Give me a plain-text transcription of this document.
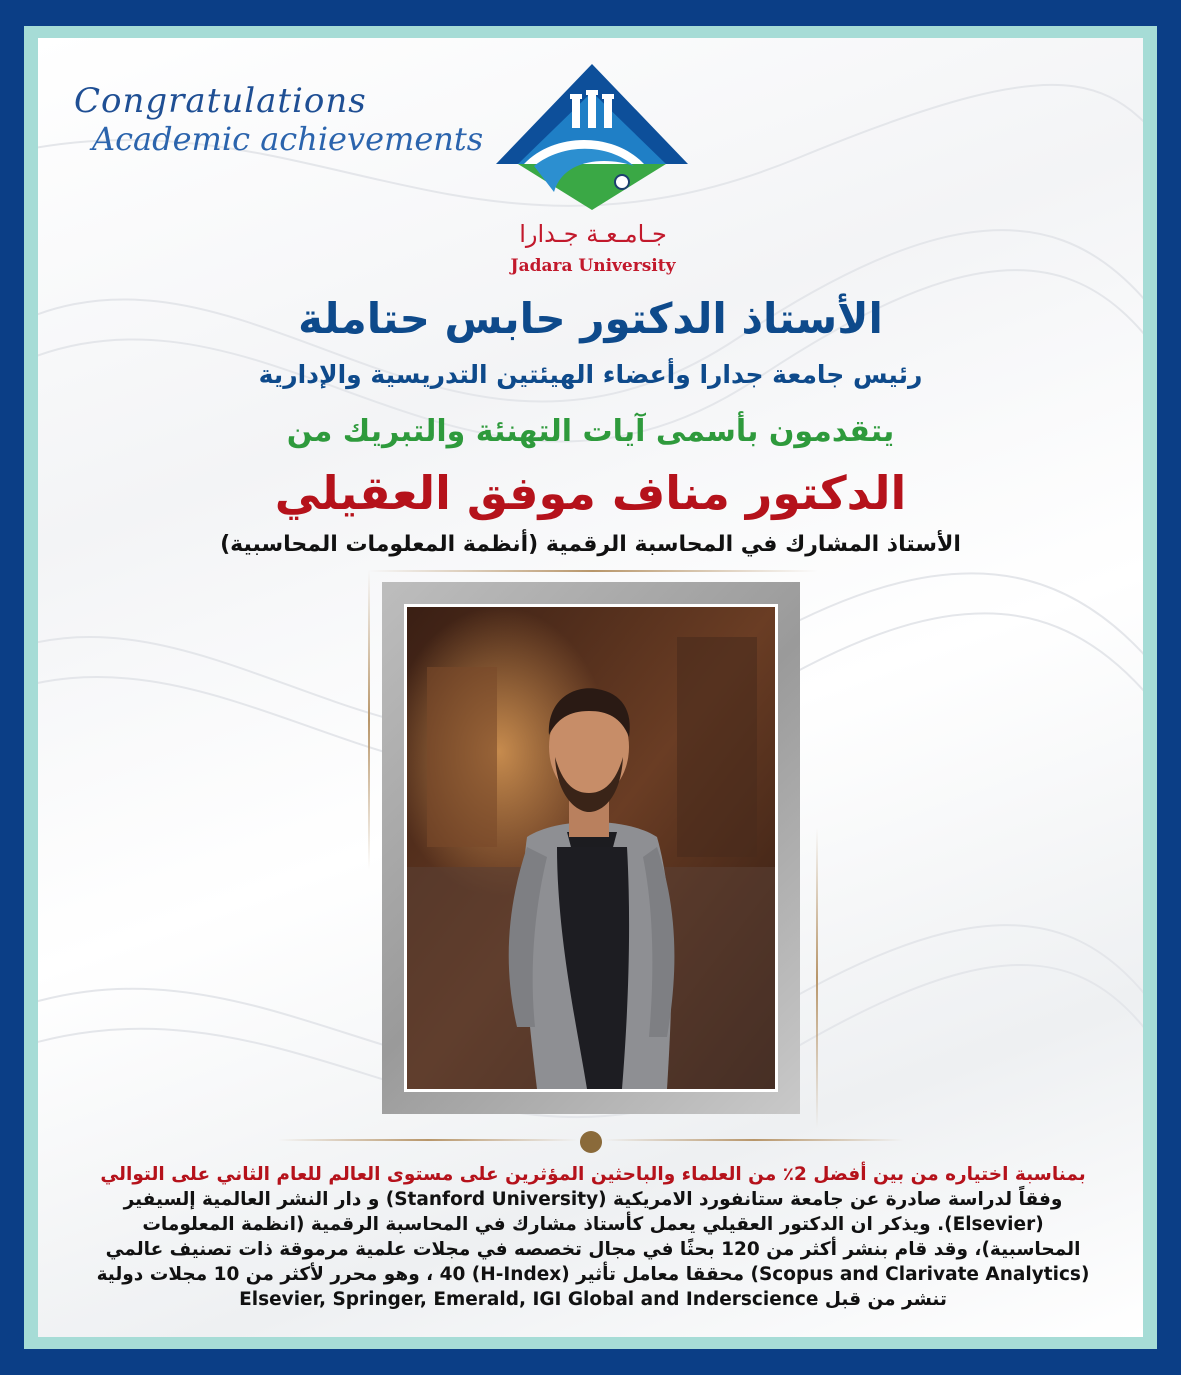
Congratulations
Academic achievements
جـامـعـة جـدارا
Jadara University
الأستاذ الدكتور حابس حتاملة
رئيس جامعة جدارا وأعضاء الهيئتين التدريسية والإدارية
يتقدمون بأسمى آيات التهنئة والتبريك من
الدكتور مناف موفق العقيلي
الأستاذ المشارك في المحاسبة الرقمية (أنظمة المعلومات المحاسبية)
بمناسبة اختياره من بين أفضل 2٪ من العلماء والباحثين المؤثرين على مستوى العالم للعام الثاني على التوالي
وفقاً لدراسة صادرة عن جامعة ستانفورد الامريكية (Stanford University) و دار النشر العالمية إلسيفير
(Elsevier). ويذكر ان الدكتور العقيلي يعمل كأستاذ مشارك في المحاسبة الرقمية (انظمة المعلومات
المحاسبية)، وقد قام بنشر أكثر من 120 بحثًا في مجال تخصصه في مجلات علمية مرموقة ذات تصنيف عالمي
(Scopus and Clarivate Analytics) محققا معامل تأثير (H-Index) 40 ، وهو محرر لأكثر من 10 مجلات دولية
تنشر من قبل Elsevier, Springer, Emerald, IGI Global and Inderscience
